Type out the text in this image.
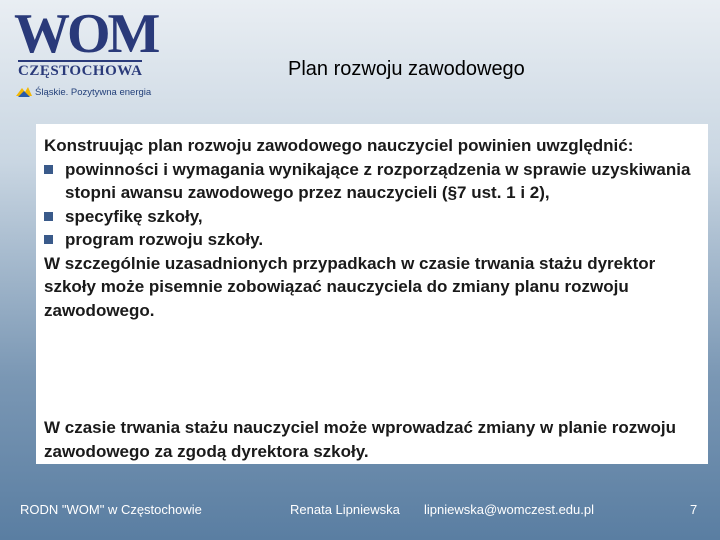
WOM
CZĘSTOCHOWA
Śląskie. Pozytywna energia
Plan rozwoju zawodowego
Konstruując plan rozwoju zawodowego nauczyciel powinien uwzględnić:
powinności i wymagania wynikające z rozporządzenia w sprawie uzyskiwania stopni awansu zawodowego przez nauczycieli (§7 ust. 1 i 2),
specyfikę szkoły,
program rozwoju szkoły.
W szczególnie uzasadnionych przypadkach w czasie trwania stażu dyrektor szkoły może pisemnie zobowiązać nauczyciela do zmiany planu rozwoju zawodowego.
W czasie trwania stażu nauczyciel może wprowadzać zmiany w planie rozwoju zawodowego za zgodą dyrektora szkoły.
RODN "WOM" w Częstochowie	Renata Lipniewska lipniewska@womczest.edu.pl	7
